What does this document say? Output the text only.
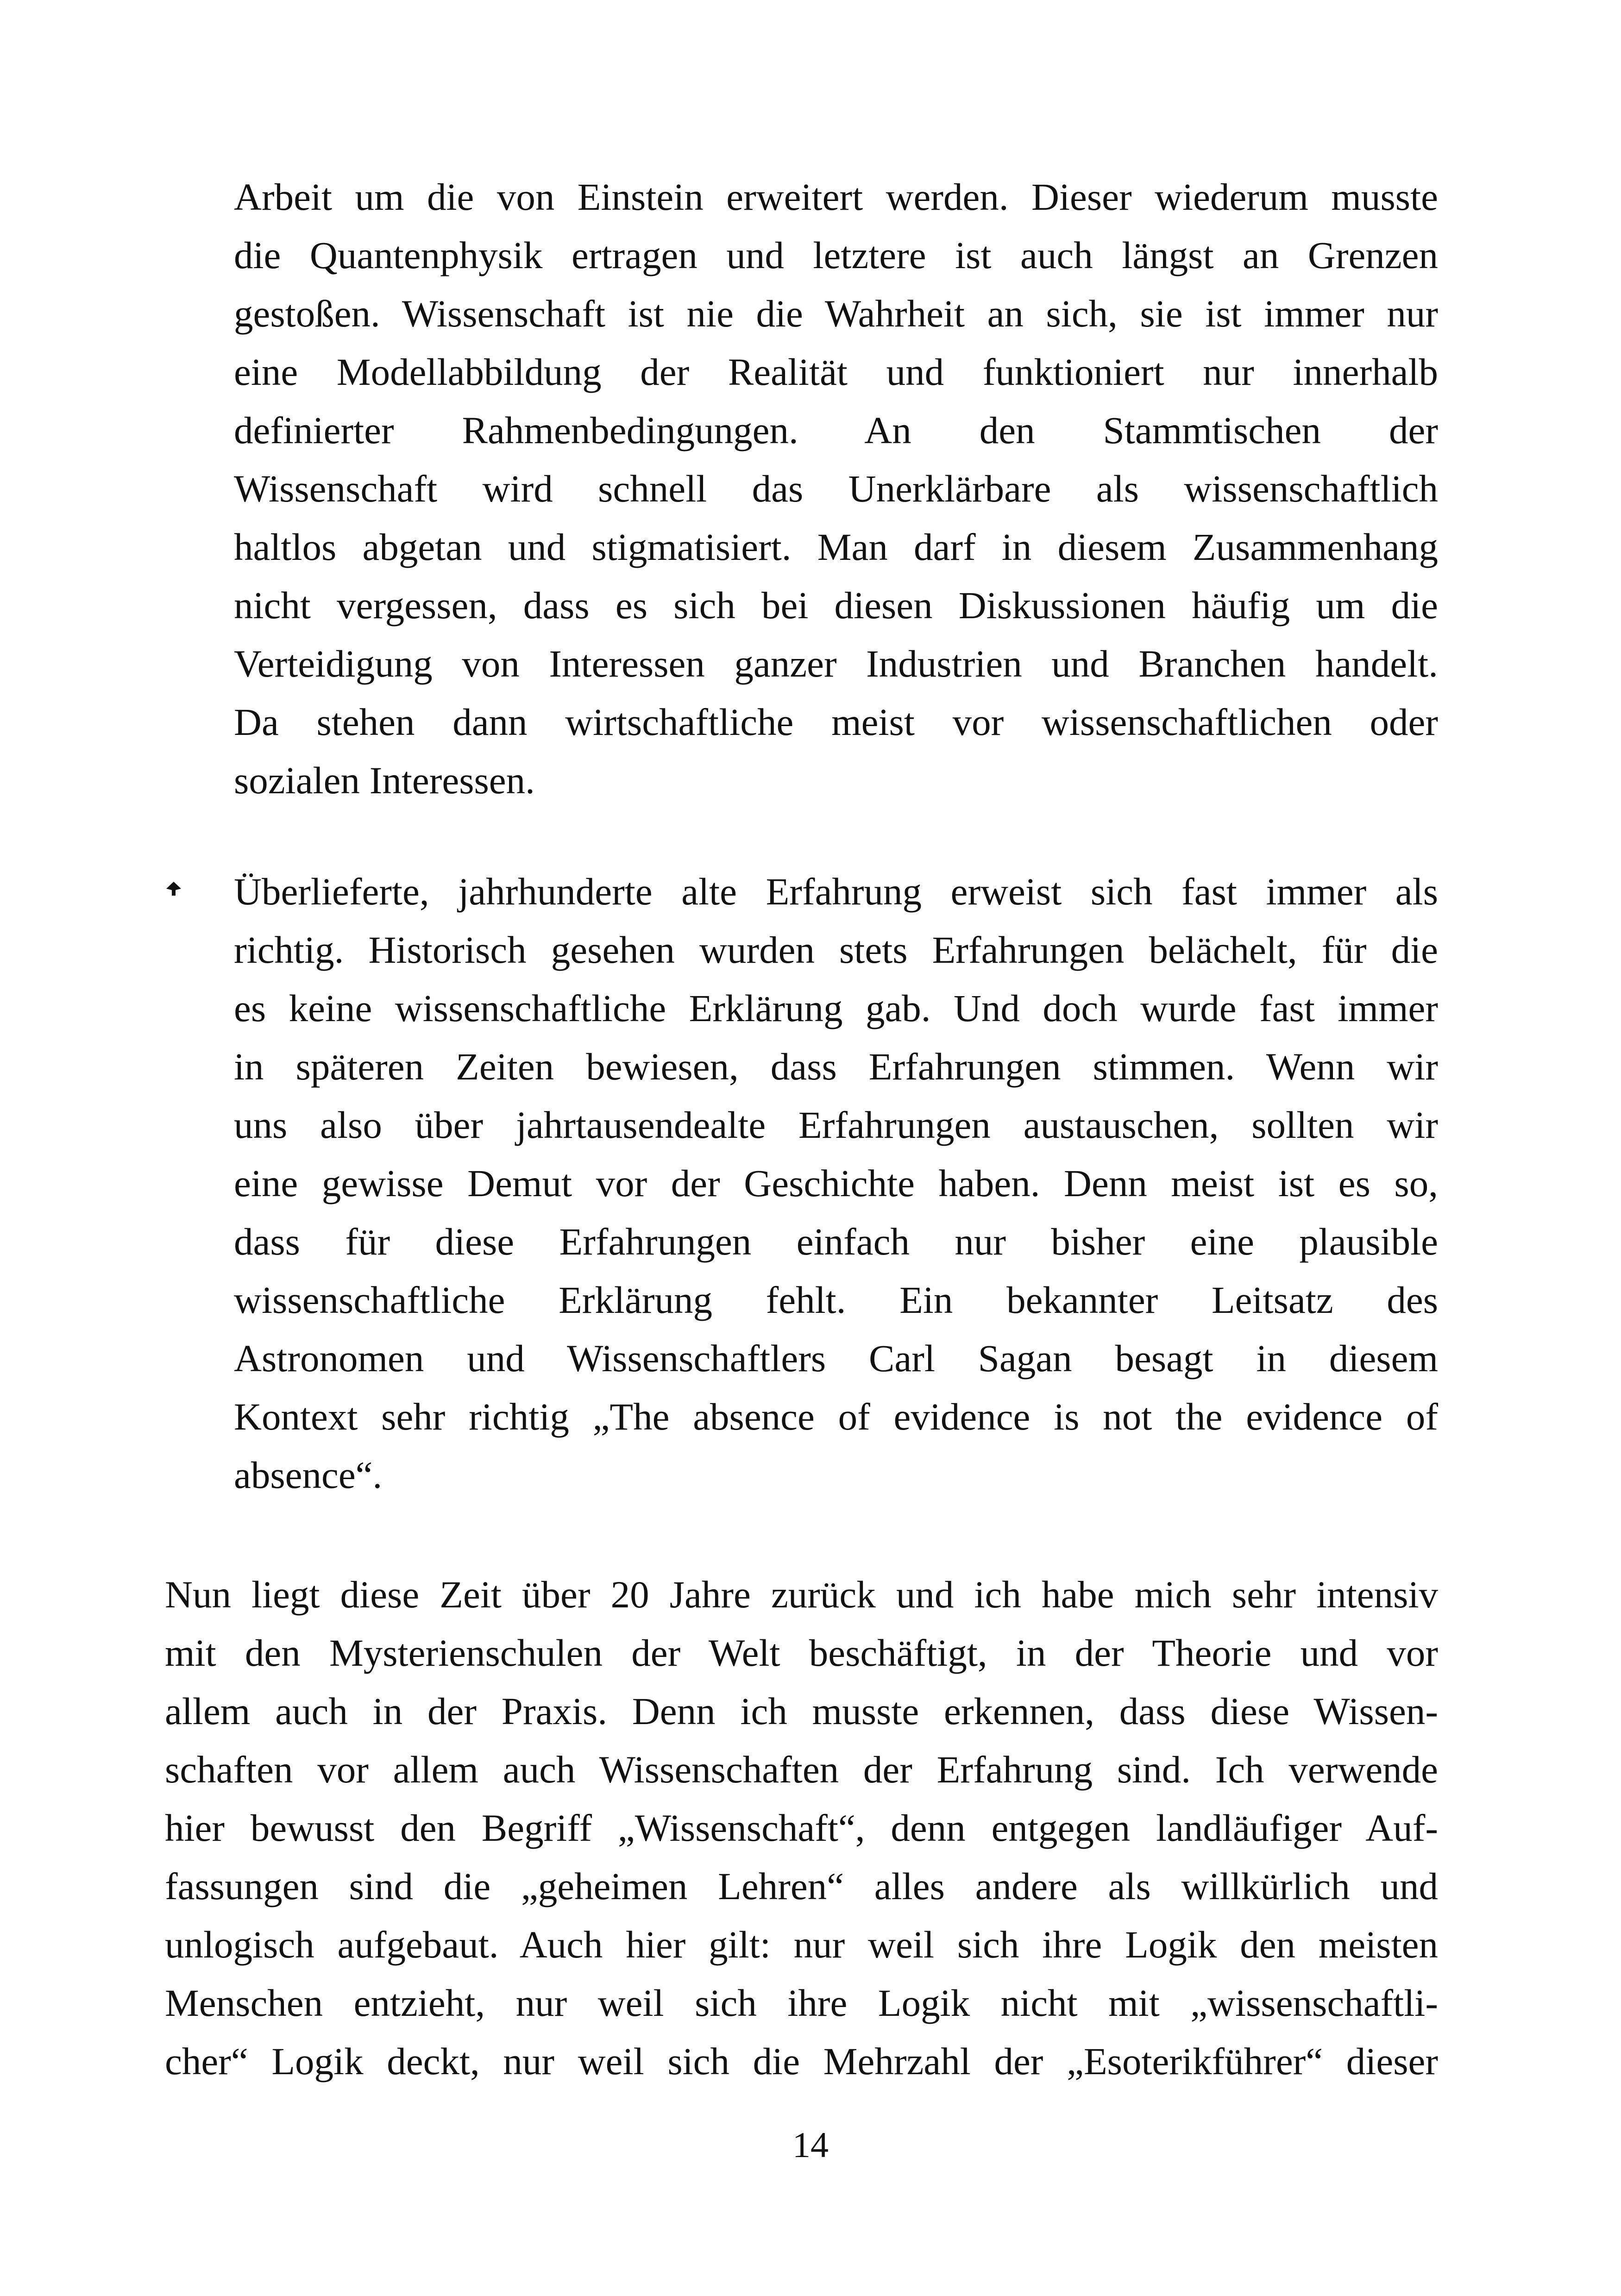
Arbeit um die von Einstein erweitert werden. Dieser wiederum musste

die Quantenphysik ertragen und letztere ist auch längst an Grenzen

gestoßen. Wissenschaft ist nie die Wahrheit an sich, sie ist immer nur

eine Modellabbildung der Realität und funktioniert nur innerhalb

definierter Rahmenbedingungen. An den Stammtischen der

Wissenschaft wird schnell das Unerklärbare als wissenschaftlich

haltlos abgetan und stigmatisiert. Man darf in diesem Zusammenhang

nicht vergessen, dass es sich bei diesen Diskussionen häufig um die

Verteidigung von Interessen ganzer Industrien und Branchen handelt.

Da stehen dann wirtschaftliche meist vor wissenschaftlichen oder

sozialen Interessen.

Überlieferte, jahrhunderte alte Erfahrung erweist sich fast immer als

richtig. Historisch gesehen wurden stets Erfahrungen belächelt, für die

es keine wissenschaftliche Erklärung gab. Und doch wurde fast immer

in späteren Zeiten bewiesen, dass Erfahrungen stimmen. Wenn wir

uns also über jahrtausendealte Erfahrungen austauschen, sollten wir

eine gewisse Demut vor der Geschichte haben. Denn meist ist es so,

dass für diese Erfahrungen einfach nur bisher eine plausible

wissenschaftliche Erklärung fehlt. Ein bekannter Leitsatz des

Astronomen und Wissenschaftlers Carl Sagan besagt in diesem

Kontext sehr richtig „The absence of evidence is not the evidence of

absence“.

Nun liegt diese Zeit über 20 Jahre zurück und ich habe mich sehr intensiv

mit den Mysterienschulen der Welt beschäftigt, in der Theorie und vor

allem auch in der Praxis. Denn ich musste erkennen, dass diese Wissen-

schaften vor allem auch Wissenschaften der Erfahrung sind. Ich verwende

hier bewusst den Begriff „Wissenschaft“, denn entgegen landläufiger Auf-

fassungen sind die „geheimen Lehren“ alles andere als willkürlich und

unlogisch aufgebaut. Auch hier gilt: nur weil sich ihre Logik den meisten

Menschen entzieht, nur weil sich ihre Logik nicht mit „wissenschaftli-

cher“ Logik deckt, nur weil sich die Mehrzahl der „Esoterikführer“ dieser

14
